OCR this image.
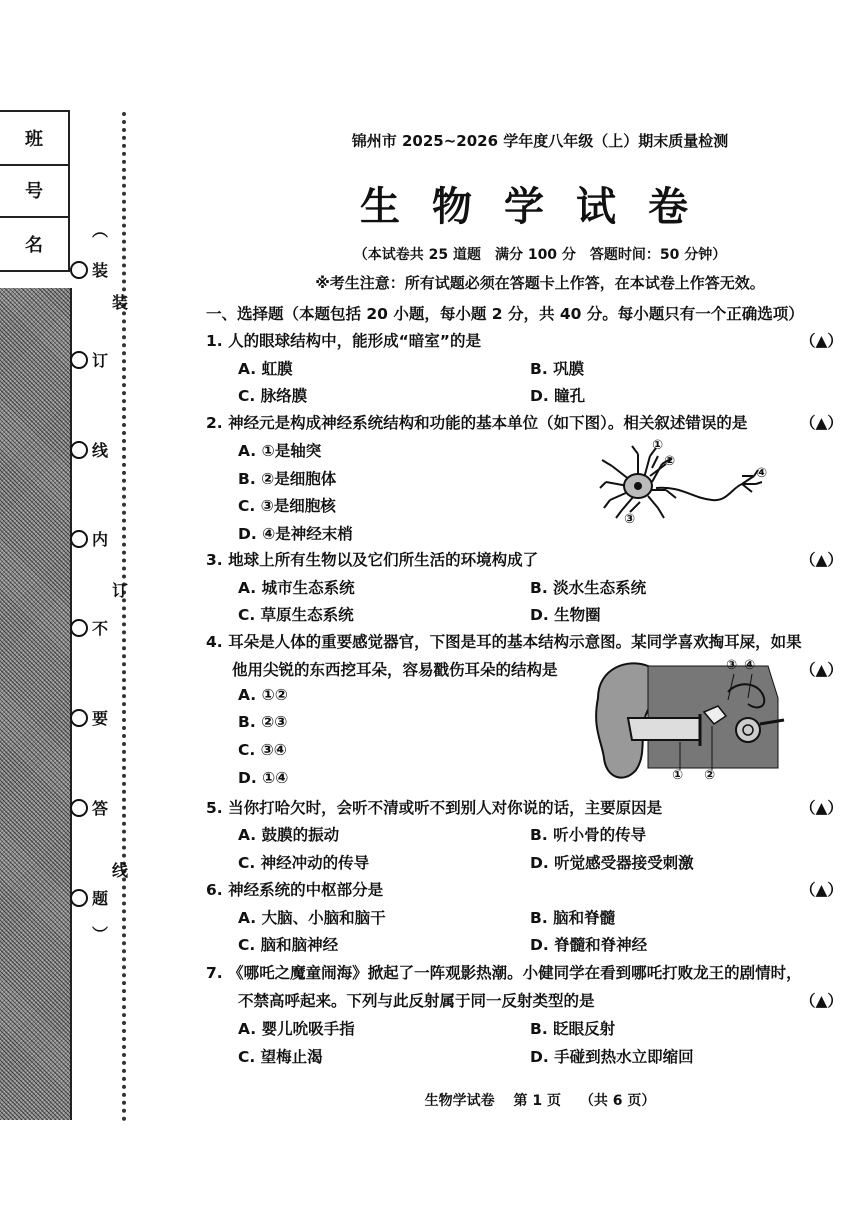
班
号
名
︵
装
订
线
内
不
要
答
题
︶
装
订
线
锦州市 2025~2026 学年度八年级（上）期末质量检测
生物学试卷
（本试卷共 25 道题　满分 100 分　答题时间：50 分钟）
※考生注意：所有试题必须在答题卡上作答，在本试卷上作答无效。
一、选择题（本题包括 20 小题，每小题 2 分，共 40 分。每小题只有一个正确选项）
1. 人的眼球结构中，能形成“暗室”的是	（▲）
A. 虹膜	B. 巩膜
C. 脉络膜	D. 瞳孔
2. 神经元是构成神经系统结构和功能的基本单位（如下图）。相关叙述错误的是	（▲）
A. ①是轴突
B. ②是细胞体
C. ③是细胞核
D. ④是神经末梢
①
②
③
④
3. 地球上所有生物以及它们所生活的环境构成了	（▲）
A. 城市生态系统	B. 淡水生态系统
C. 草原生态系统	D. 生物圈
4. 耳朵是人体的重要感觉器官，下图是耳的基本结构示意图。某同学喜欢掏耳屎，如果
他用尖锐的东西挖耳朵，容易戳伤耳朵的结构是	（▲）
A. ①②
B. ②③
C. ③④
D. ①④
③ ④
① ②
5. 当你打哈欠时，会听不清或听不到别人对你说的话，主要原因是	（▲）
A. 鼓膜的振动	B. 听小骨的传导
C. 神经冲动的传导	D. 听觉感受器接受刺激
6. 神经系统的中枢部分是	（▲）
A. 大脑、小脑和脑干	B. 脑和脊髓
C. 脑和脑神经	D. 脊髓和脊神经
7. 《哪吒之魔童闹海》掀起了一阵观影热潮。小健同学在看到哪吒打败龙王的剧情时，
不禁高呼起来。下列与此反射属于同一反射类型的是	（▲）
A. 婴儿吮吸手指	B. 眨眼反射
C. 望梅止渴	D. 手碰到热水立即缩回
生物学试卷　 第 1 页　 （共 6 页）
